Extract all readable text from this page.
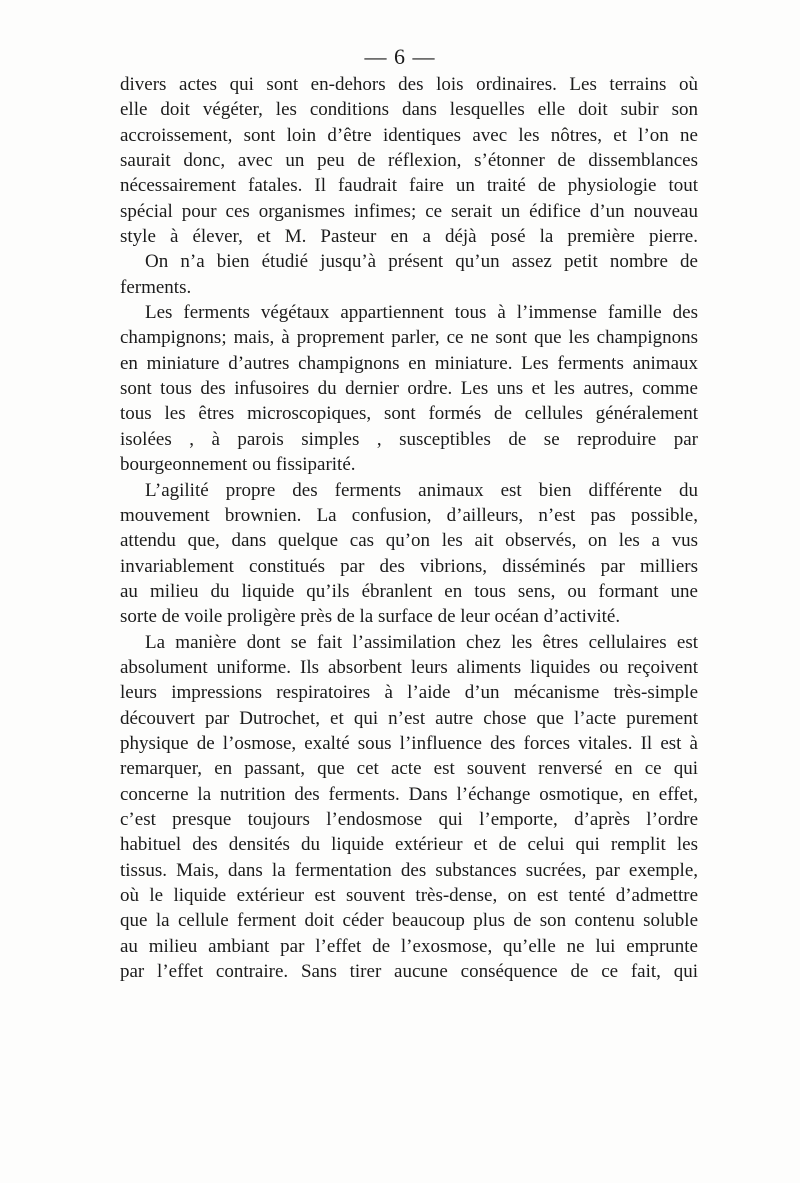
— 6 —
divers actes qui sont en-dehors des lois ordinaires. Les terrains où
elle doit végéter, les conditions dans lesquelles elle doit subir son
accroissement, sont loin d’être identiques avec les nôtres, et l’on ne
saurait donc, avec un peu de réflexion, s’étonner de dissemblances
nécessairement fatales. Il faudrait faire un traité de physiologie tout
spécial pour ces organismes infimes; ce serait un édifice d’un nouveau
style à élever, et M. Pasteur en a déjà posé la première pierre.
On n’a bien étudié jusqu’à présent qu’un assez petit nombre de
ferments.
Les ferments végétaux appartiennent tous à l’immense famille des
champignons; mais, à proprement parler, ce ne sont que les champignons
en miniature d’autres champignons en miniature. Les ferments animaux
sont tous des infusoires du dernier ordre. Les uns et les autres, comme
tous les êtres microscopiques, sont formés de cellules généralement
isolées , à parois simples , susceptibles de se reproduire par
bourgeonnement ou fissiparité.
L’agilité propre des ferments animaux est bien différente du
mouvement brownien. La confusion, d’ailleurs, n’est pas possible,
attendu que, dans quelque cas qu’on les ait observés, on les a vus
invariablement constitués par des vibrions, disséminés par milliers
au milieu du liquide qu’ils ébranlent en tous sens, ou formant une
sorte de voile proligère près de la surface de leur océan d’activité.
La manière dont se fait l’assimilation chez les êtres cellulaires est
absolument uniforme. Ils absorbent leurs aliments liquides ou reçoivent
leurs impressions respiratoires à l’aide d’un mécanisme très-simple
découvert par Dutrochet, et qui n’est autre chose que l’acte purement
physique de l’osmose, exalté sous l’influence des forces vitales. Il est à
remarquer, en passant, que cet acte est souvent renversé en ce qui
concerne la nutrition des ferments. Dans l’échange osmotique, en effet,
c’est presque toujours l’endosmose qui l’emporte, d’après l’ordre
habituel des densités du liquide extérieur et de celui qui remplit les
tissus. Mais, dans la fermentation des substances sucrées, par exemple,
où le liquide extérieur est souvent très-dense, on est tenté d’admettre
que la cellule ferment doit céder beaucoup plus de son contenu soluble
au milieu ambiant par l’effet de l’exosmose, qu’elle ne lui emprunte
par l’effet contraire. Sans tirer aucune conséquence de ce fait, qui
